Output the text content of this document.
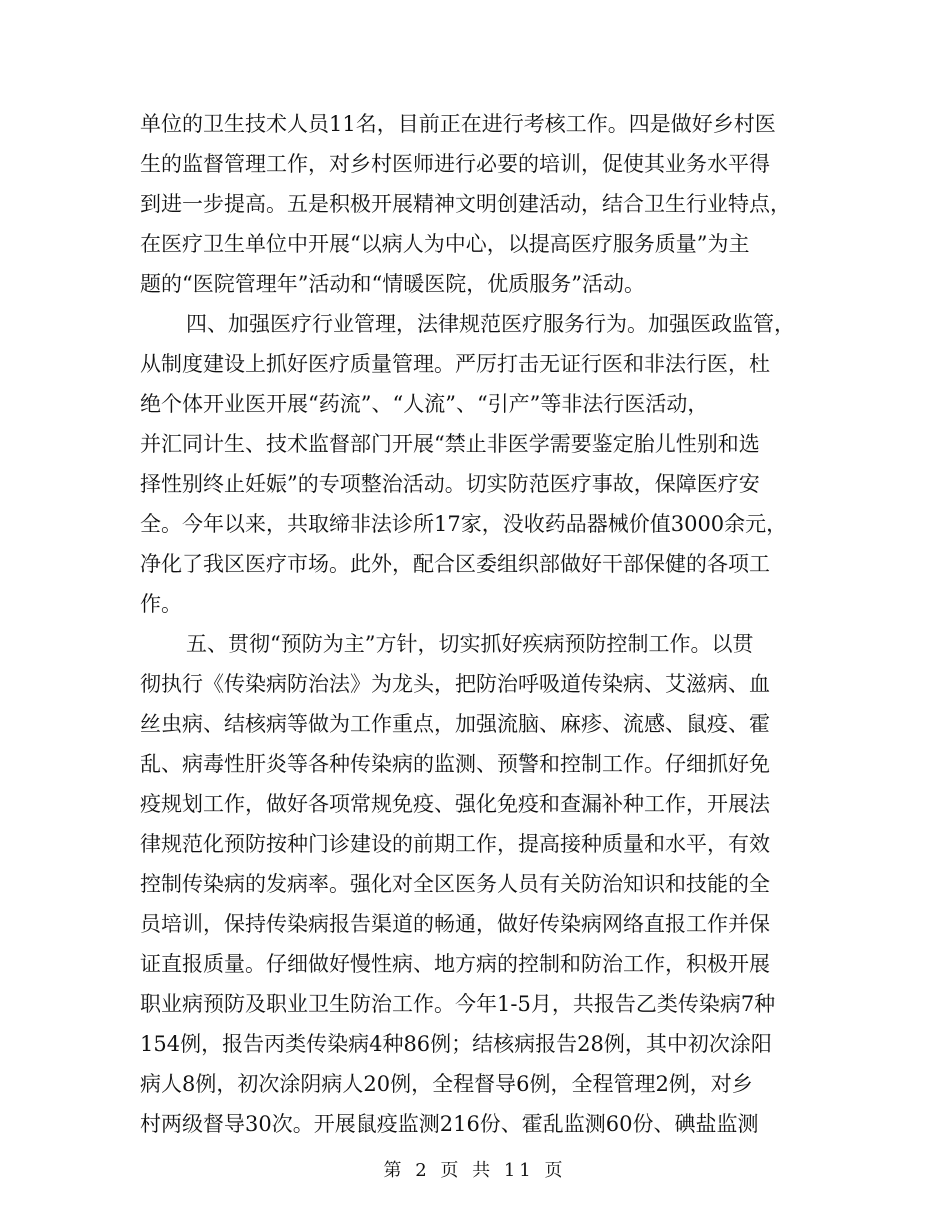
单位的卫生技术人员11名，目前正在进行考核工作。四是做好乡村医
生的监督管理工作，对乡村医师进行必要的培训，促使其业务水平得
到进一步提高。五是积极开展精神文明创建活动，结合卫生行业特点，
在医疗卫生单位中开展“以病人为中心，以提高医疗服务质量”为主
题的“医院管理年”活动和“情暖医院，优质服务”活动。

四、加强医疗行业管理，法律规范医疗服务行为。加强医政监管，
从制度建设上抓好医疗质量管理。严厉打击无证行医和非法行医，杜
绝个体开业医开展“药流”、“人流”、“引产”等非法行医活动，
并汇同计生、技术监督部门开展“禁止非医学需要鉴定胎儿性别和选
择性别终止妊娠”的专项整治活动。切实防范医疗事故，保障医疗安
全。今年以来，共取缔非法诊所17家，没收药品器械价值3000余元，
净化了我区医疗市场。此外，配合区委组织部做好干部保健的各项工
作。

五、贯彻“预防为主”方针，切实抓好疾病预防控制工作。以贯
彻执行《传染病防治法》为龙头，把防治呼吸道传染病、艾滋病、血
丝虫病、结核病等做为工作重点，加强流脑、麻疹、流感、鼠疫、霍
乱、病毒性肝炎等各种传染病的监测、预警和控制工作。仔细抓好免
疫规划工作，做好各项常规免疫、强化免疫和查漏补种工作，开展法
律规范化预防按种门诊建设的前期工作，提高接种质量和水平，有效
控制传染病的发病率。强化对全区医务人员有关防治知识和技能的全
员培训，保持传染病报告渠道的畅通，做好传染病网络直报工作并保
证直报质量。仔细做好慢性病、地方病的控制和防治工作，积极开展
职业病预防及职业卫生防治工作。今年1-5月，共报告乙类传染病7种
154例，报告丙类传染病4种86例；结核病报告28例，其中初次涂阳
病人8例，初次涂阴病人20例，全程督导6例，全程管理2例，对乡
村两级督导30次。开展鼠疫监测216份、霍乱监测60份、碘盐监测

第 2 页 共 11 页
